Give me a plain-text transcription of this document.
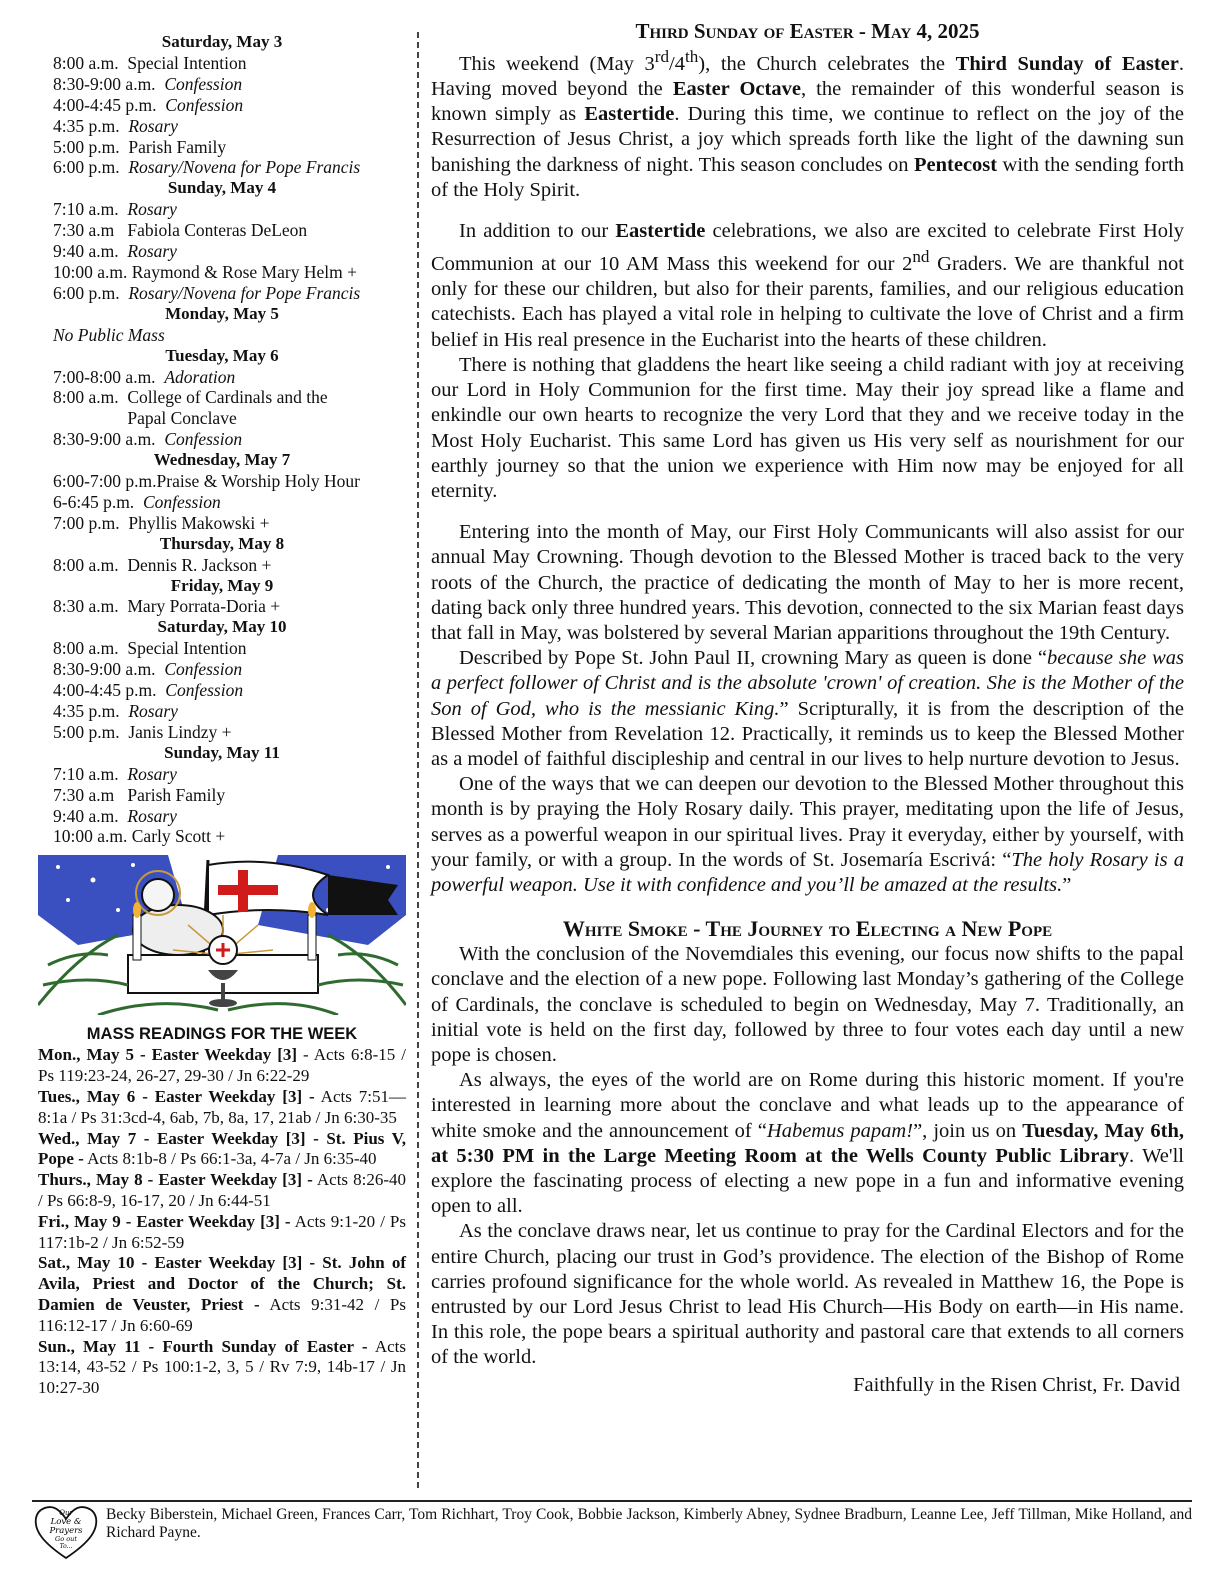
Saturday, May 3
8:00 a.m. Special Intention
8:30-9:00 a.m. Confession
4:00-4:45 p.m. Confession
4:35 p.m. Rosary
5:00 p.m. Parish Family
6:00 p.m. Rosary/Novena for Pope Francis
Sunday, May 4
7:10 a.m. Rosary
7:30 a.m Fabiola Conteras DeLeon
9:40 a.m. Rosary
10:00 a.m. Raymond & Rose Mary Helm +
6:00 p.m. Rosary/Novena for Pope Francis
Monday, May 5
No Public Mass
Tuesday, May 6
7:00-8:00 a.m. Adoration
8:00 a.m. College of Cardinals and the Papal Conclave
8:30-9:00 a.m. Confession
Wednesday, May 7
6:00-7:00 p.m. Praise & Worship Holy Hour
6-6:45 p.m. Confession
7:00 p.m. Phyllis Makowski +
Thursday, May 8
8:00 a.m. Dennis R. Jackson +
Friday, May 9
8:30 a.m. Mary Porrata-Doria +
Saturday, May 10
8:00 a.m. Special Intention
8:30-9:00 a.m. Confession
4:00-4:45 p.m. Confession
4:35 p.m. Rosary
5:00 p.m. Janis Lindzy +
Sunday, May 11
7:10 a.m. Rosary
7:30 a.m Parish Family
9:40 a.m. Rosary
10:00 a.m. Carly Scott +
MASS READINGS FOR THE WEEK

Mon., May 5 - Easter Weekday [3] - Acts 6:8-15 / Ps 119:23-24, 26-27, 29-30 / Jn 6:22-29

Tues., May 6 - Easter Weekday [3] - Acts 7:51—8:1a / Ps 31:3cd-4, 6ab, 7b, 8a, 17, 21ab / Jn 6:30-35

Wed., May 7 - Easter Weekday [3] - St. Pius V, Pope - Acts 8:1b-8 / Ps 66:1-3a, 4-7a / Jn 6:35-40

Thurs., May 8 - Easter Weekday [3] - Acts 8:26-40 / Ps 66:8-9, 16-17, 20 / Jn 6:44-51

Fri., May 9 - Easter Weekday [3] - Acts 9:1-20 / Ps 117:1b-2 / Jn 6:52-59

Sat., May 10 - Easter Weekday [3] - St. John of Avila, Priest and Doctor of the Church; St. Damien de Veuster, Priest - Acts 9:31-42 / Ps 116:12-17 / Jn 6:60-69

Sun., May 11 - Fourth Sunday of Easter - Acts 13:14, 43-52 / Ps 100:1-2, 3, 5 / Rv 7:9, 14b-17 / Jn 10:27-30

Third Sunday of Easter - May 4, 2025

This weekend (May 3rd/4th), the Church celebrates the Third Sunday of Easter. Having moved beyond the Easter Octave, the remainder of this wonderful season is known simply as Eastertide. During this time, we continue to reflect on the joy of the Resurrection of Jesus Christ, a joy which spreads forth like the light of the dawning sun banishing the darkness of night. This season concludes on Pentecost with the sending forth of the Holy Spirit.

In addition to our Eastertide celebrations, we also are excited to celebrate First Holy Communion at our 10 AM Mass this weekend for our 2nd Graders. We are thankful not only for these our children, but also for their parents, families, and our religious education catechists. Each has played a vital role in helping to cultivate the love of Christ and a firm belief in His real presence in the Eucharist into the hearts of these children.

There is nothing that gladdens the heart like seeing a child radiant with joy at receiving our Lord in Holy Communion for the first time. May their joy spread like a flame and enkindle our own hearts to recognize the very Lord that they and we receive today in the Most Holy Eucharist. This same Lord has given us His very self as nourishment for our earthly journey so that the union we experience with Him now may be enjoyed for all eternity.

Entering into the month of May, our First Holy Communicants will also assist for our annual May Crowning. Though devotion to the Blessed Mother is traced back to the very roots of the Church, the practice of dedicating the month of May to her is more recent, dating back only three hundred years. This devotion, connected to the six Marian feast days that fall in May, was bolstered by several Marian apparitions throughout the 19th Century.

Described by Pope St. John Paul II, crowning Mary as queen is done “because she was a perfect follower of Christ and is the absolute 'crown' of creation. She is the Mother of the Son of God, who is the messianic King.” Scripturally, it is from the description of the Blessed Mother from Revelation 12. Practically, it reminds us to keep the Blessed Mother as a model of faithful discipleship and central in our lives to help nurture devotion to Jesus.

One of the ways that we can deepen our devotion to the Blessed Mother throughout this month is by praying the Holy Rosary daily. This prayer, meditating upon the life of Jesus, serves as a powerful weapon in our spiritual lives. Pray it everyday, either by yourself, with your family, or with a group. In the words of St. Josemaría Escrivá: “The holy Rosary is a powerful weapon. Use it with confidence and you’ll be amazed at the results.”

White Smoke - The Journey to Electing a New Pope

With the conclusion of the Novemdiales this evening, our focus now shifts to the papal conclave and the election of a new pope. Following last Monday’s gathering of the College of Cardinals, the conclave is scheduled to begin on Wednesday, May 7. Traditionally, an initial vote is held on the first day, followed by three to four votes each day until a new pope is chosen.

As always, the eyes of the world are on Rome during this historic moment. If you're interested in learning more about the conclave and what leads up to the appearance of white smoke and the announcement of “Habemus papam!”, join us on Tuesday, May 6th, at 5:30 PM in the Large Meeting Room at the Wells County Public Library. We'll explore the fascinating process of electing a new pope in a fun and informative evening open to all.

As the conclave draws near, let us continue to pray for the Cardinal Electors and for the entire Church, placing our trust in God’s providence. The election of the Bishop of Rome carries profound significance for the whole world. As revealed in Matthew 16, the Pope is entrusted by our Lord Jesus Christ to lead His Church—His Body on earth—in His name. In this role, the pope bears a spiritual authority and pastoral care that extends to all corners of the world.

Faithfully in the Risen Christ, Fr. David
Our
Love &
Prayers
Go out
To...
Becky Biberstein, Michael Green, Frances Carr, Tom Richhart, Troy Cook, Bobbie Jackson, Kimberly Abney, Sydnee Bradburn, Leanne Lee, Jeff Tillman, Mike Holland, and Richard Payne.
